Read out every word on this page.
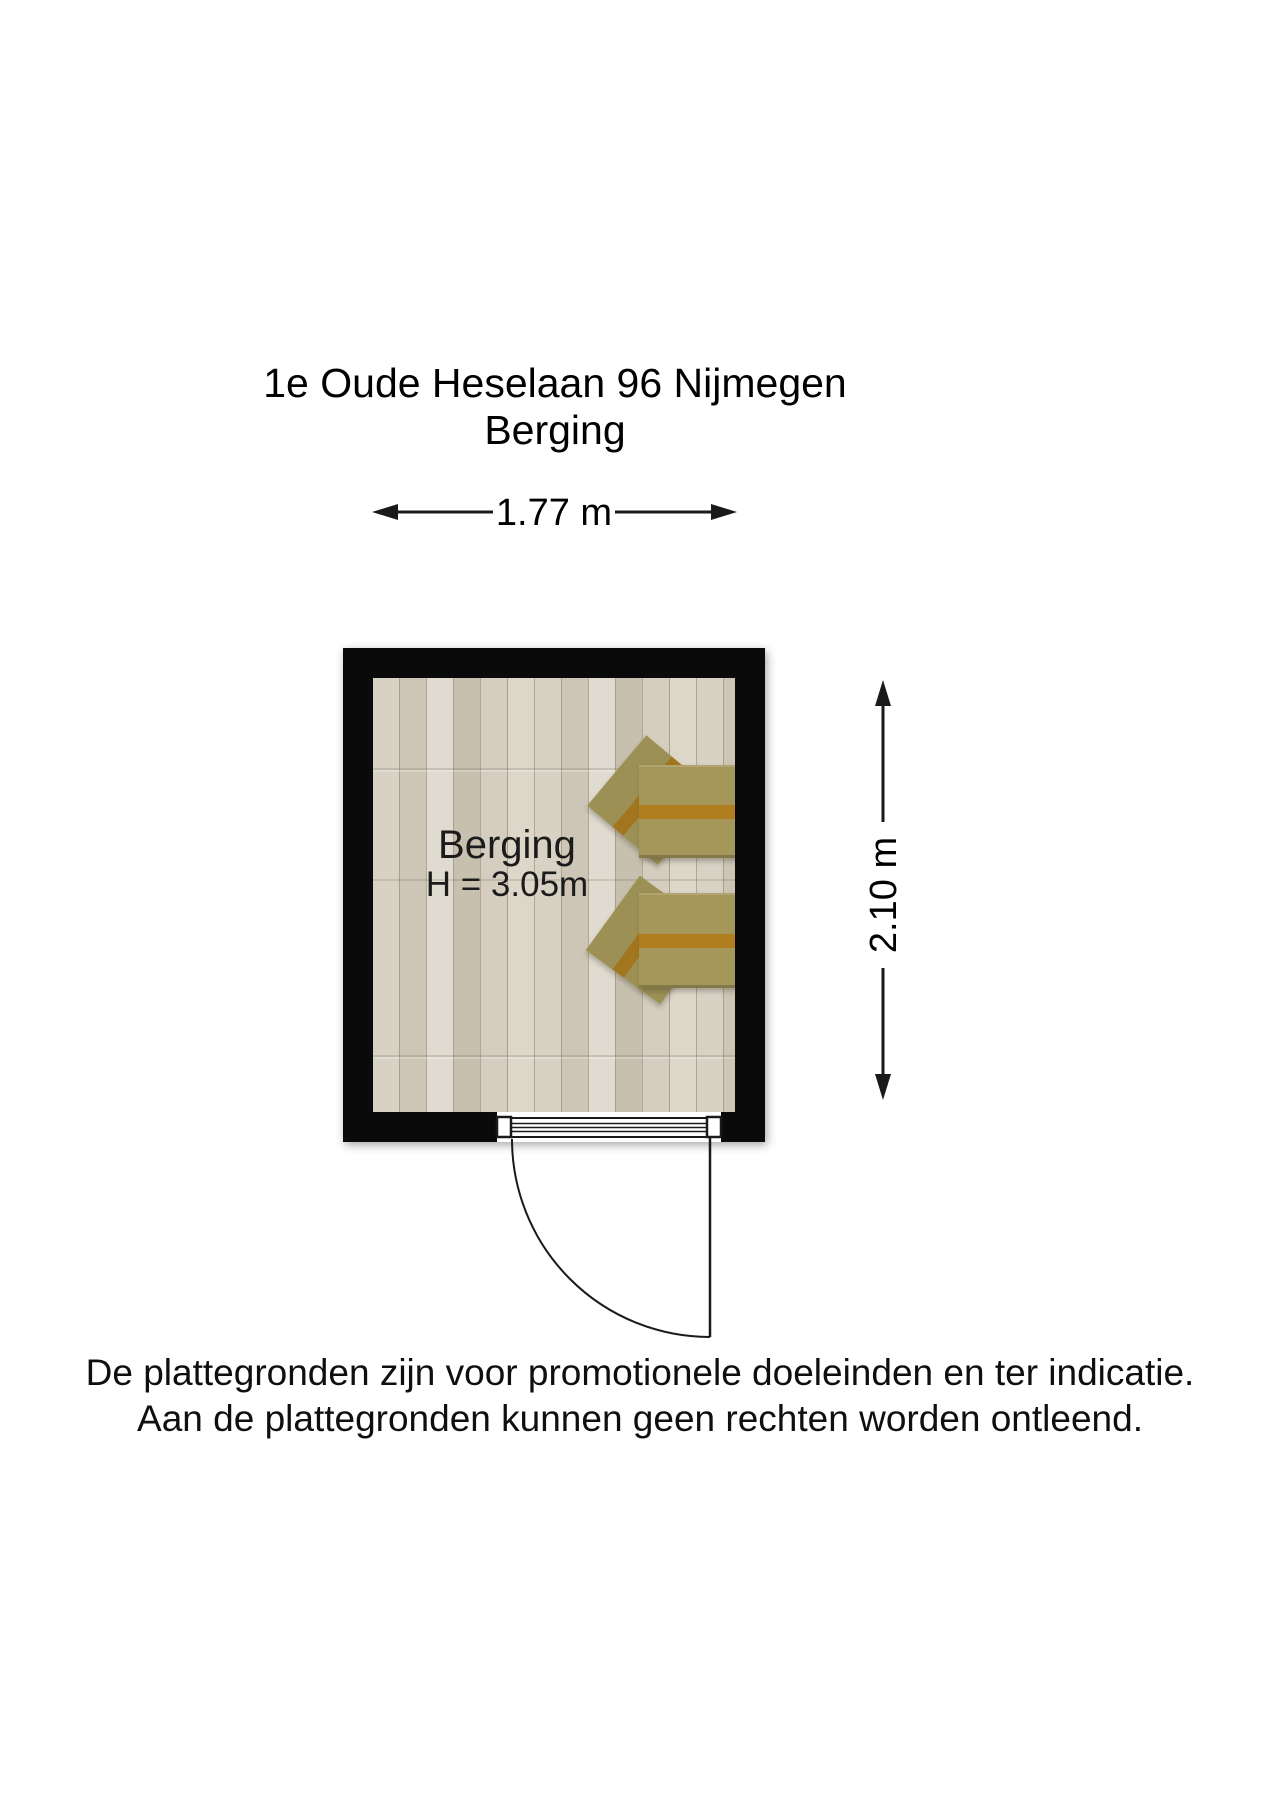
1e Oude Heselaan 96 Nijmegen
Berging
1.77 m
Berging
H = 3.05m	2.10 m
De plattegronden zijn voor promotionele doeleinden en ter indicatie.
Aan de plattegronden kunnen geen rechten worden ontleend.
